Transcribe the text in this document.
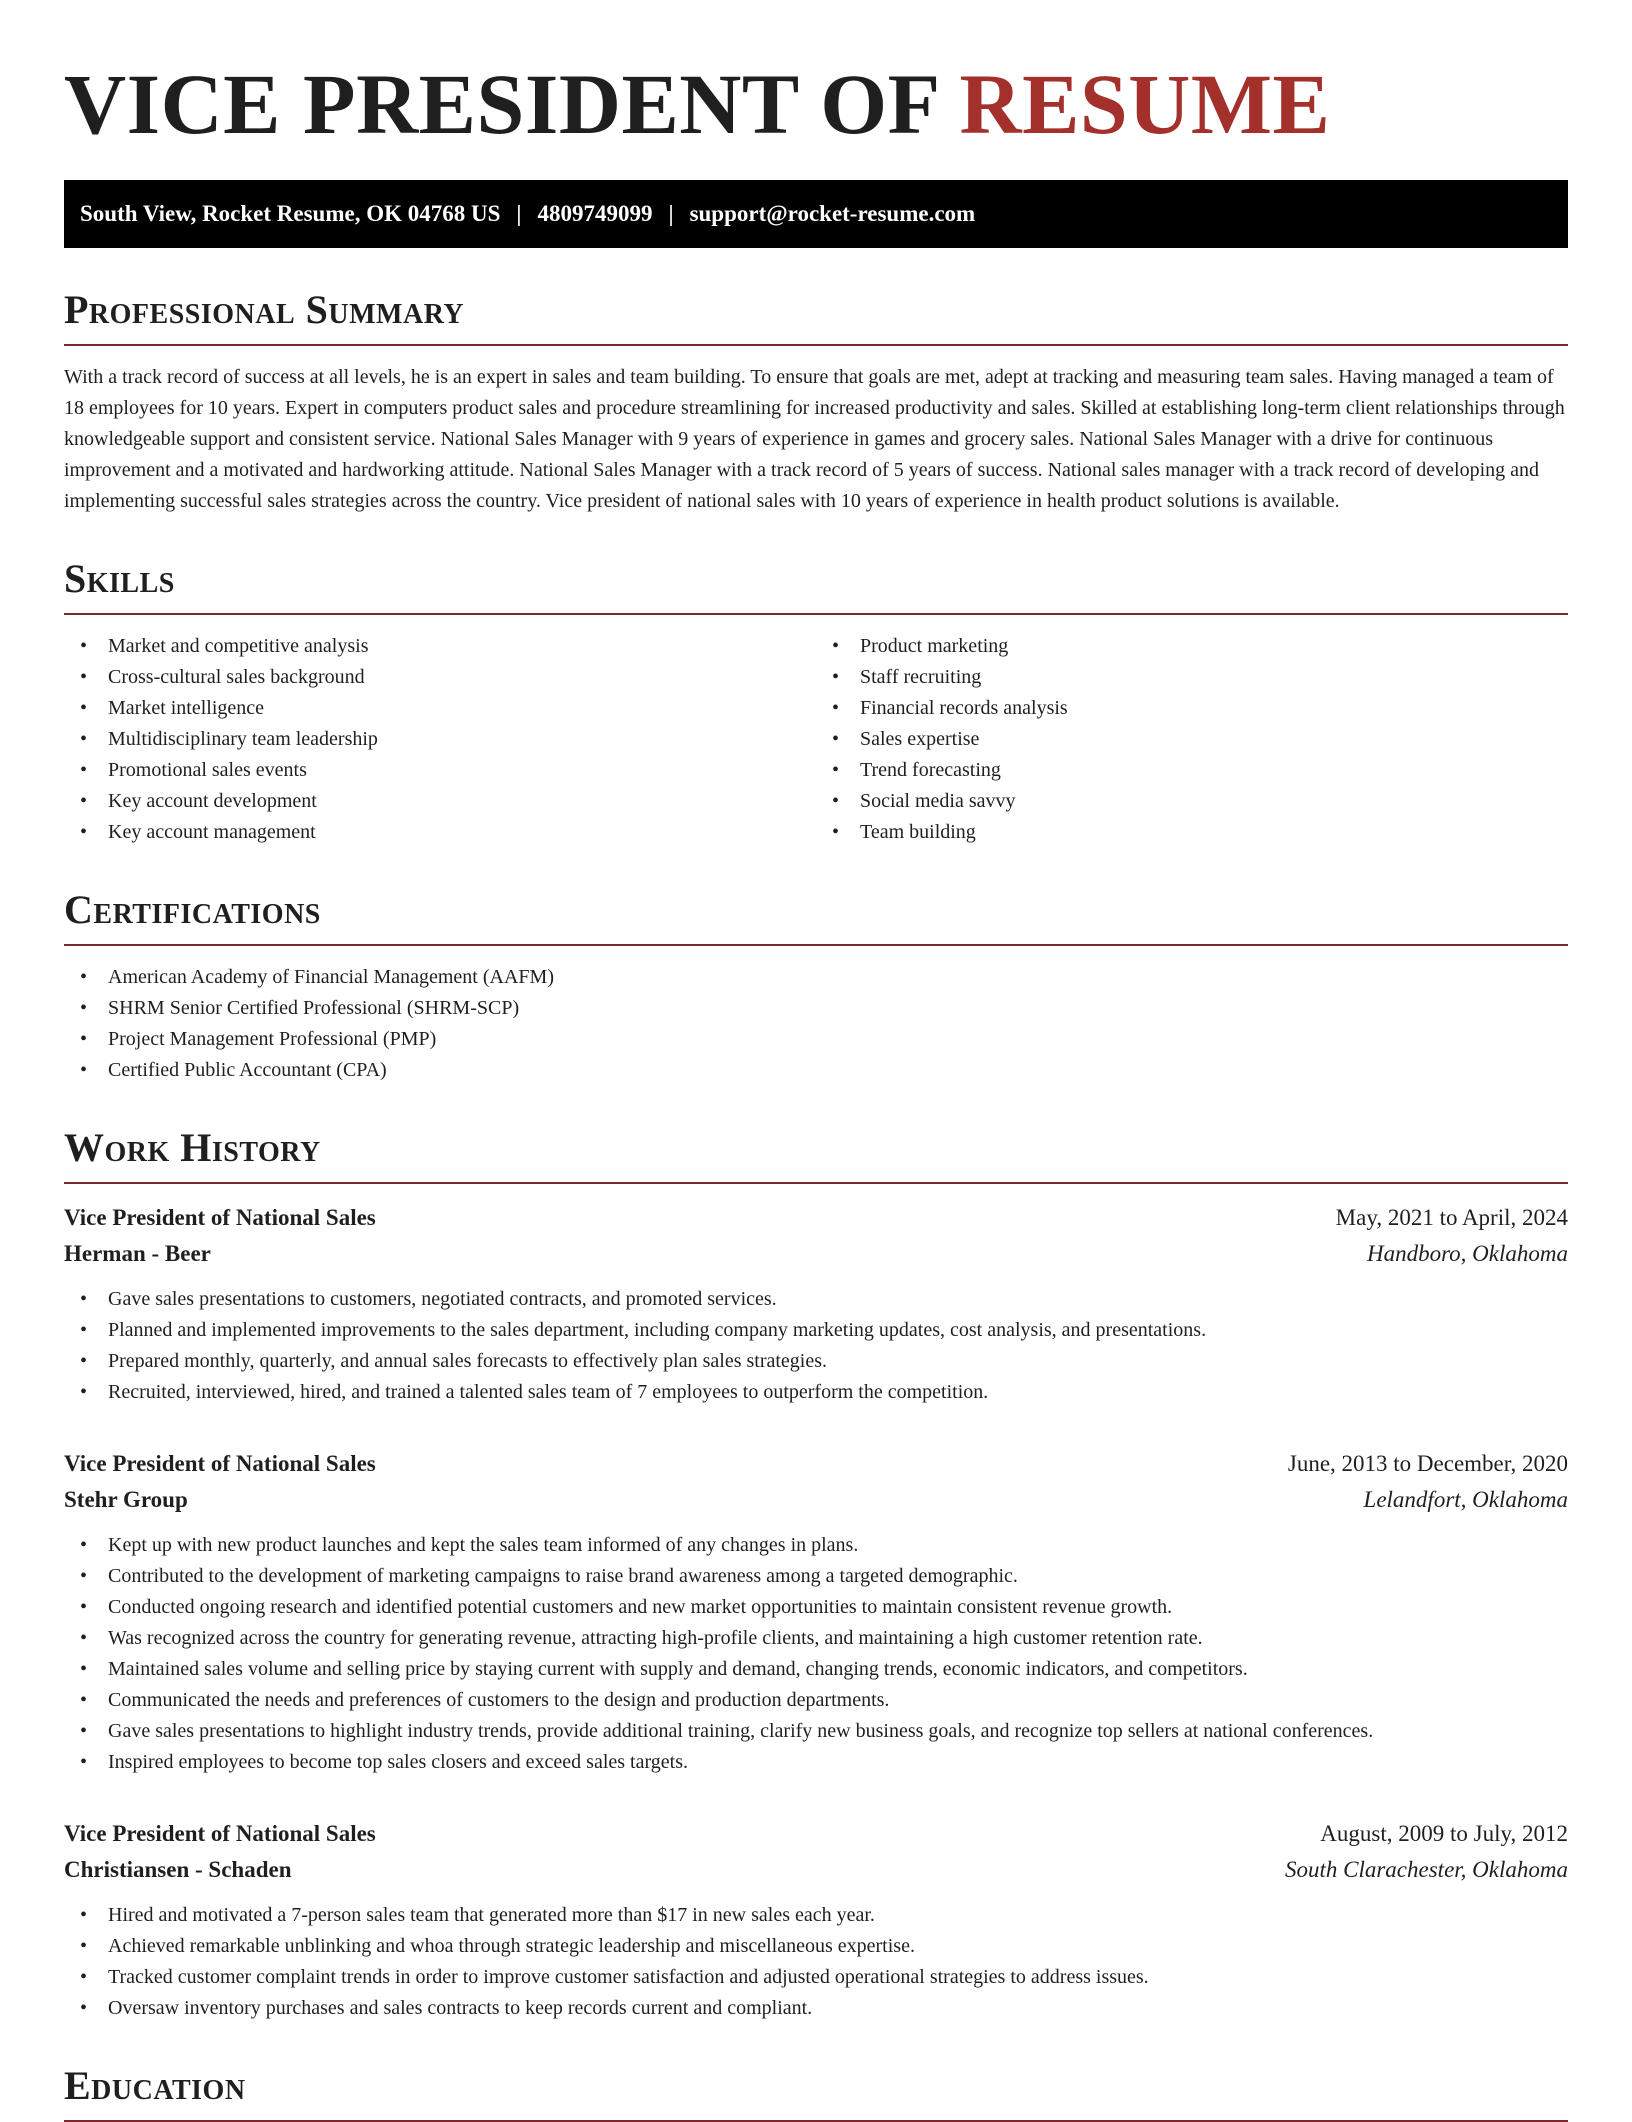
VICE PRESIDENT OF RESUME
South View, Rocket Resume, OK 04768 US | 4809749099 | support@rocket-resume.com
Professional Summary

With a track record of success at all levels, he is an expert in sales and team building. To ensure that goals are met, adept at tracking and measuring team sales. Having managed a team of 18 employees for 10 years. Expert in computers product sales and procedure streamlining for increased productivity and sales. Skilled at establishing long-term client relationships through knowledgeable support and consistent service. National Sales Manager with 9 years of experience in games and grocery sales. National Sales Manager with a drive for continuous improvement and a motivated and hardworking attitude. National Sales Manager with a track record of 5 years of success. National sales manager with a track record of developing and implementing successful sales strategies across the country. Vice president of national sales with 10 years of experience in health product solutions is available.

Skills
• Market and competitive analysis
• Cross-cultural sales background
• Market intelligence
• Multidisciplinary team leadership
• Promotional sales events
• Key account development
• Key account management
• Product marketing
• Staff recruiting
• Financial records analysis
• Sales expertise
• Trend forecasting
• Social media savvy
• Team building
Certifications
• American Academy of Financial Management (AAFM)
• SHRM Senior Certified Professional (SHRM-SCP)
• Project Management Professional (PMP)
• Certified Public Accountant (CPA)
Work History
Vice President of National Sales	May, 2021 to April, 2024
Herman - Beer	Handboro, Oklahoma
• Gave sales presentations to customers, negotiated contracts, and promoted services.
• Planned and implemented improvements to the sales department, including company marketing updates, cost analysis, and presentations.
• Prepared monthly, quarterly, and annual sales forecasts to effectively plan sales strategies.
• Recruited, interviewed, hired, and trained a talented sales team of 7 employees to outperform the competition.
Vice President of National Sales	June, 2013 to December, 2020
Stehr Group	Lelandfort, Oklahoma
• Kept up with new product launches and kept the sales team informed of any changes in plans.
• Contributed to the development of marketing campaigns to raise brand awareness among a targeted demographic.
• Conducted ongoing research and identified potential customers and new market opportunities to maintain consistent revenue growth.
• Was recognized across the country for generating revenue, attracting high-profile clients, and maintaining a high customer retention rate.
• Maintained sales volume and selling price by staying current with supply and demand, changing trends, economic indicators, and competitors.
• Communicated the needs and preferences of customers to the design and production departments.
• Gave sales presentations to highlight industry trends, provide additional training, clarify new business goals, and recognize top sellers at national conferences.
• Inspired employees to become top sales closers and exceed sales targets.
Vice President of National Sales	August, 2009 to July, 2012
Christiansen - Schaden	South Clarachester, Oklahoma
• Hired and motivated a 7-person sales team that generated more than $17 in new sales each year.
• Achieved remarkable unblinking and whoa through strategic leadership and miscellaneous expertise.
• Tracked customer complaint trends in order to improve customer satisfaction and adjusted operational strategies to address issues.
• Oversaw inventory purchases and sales contracts to keep records current and compliant.
Education
